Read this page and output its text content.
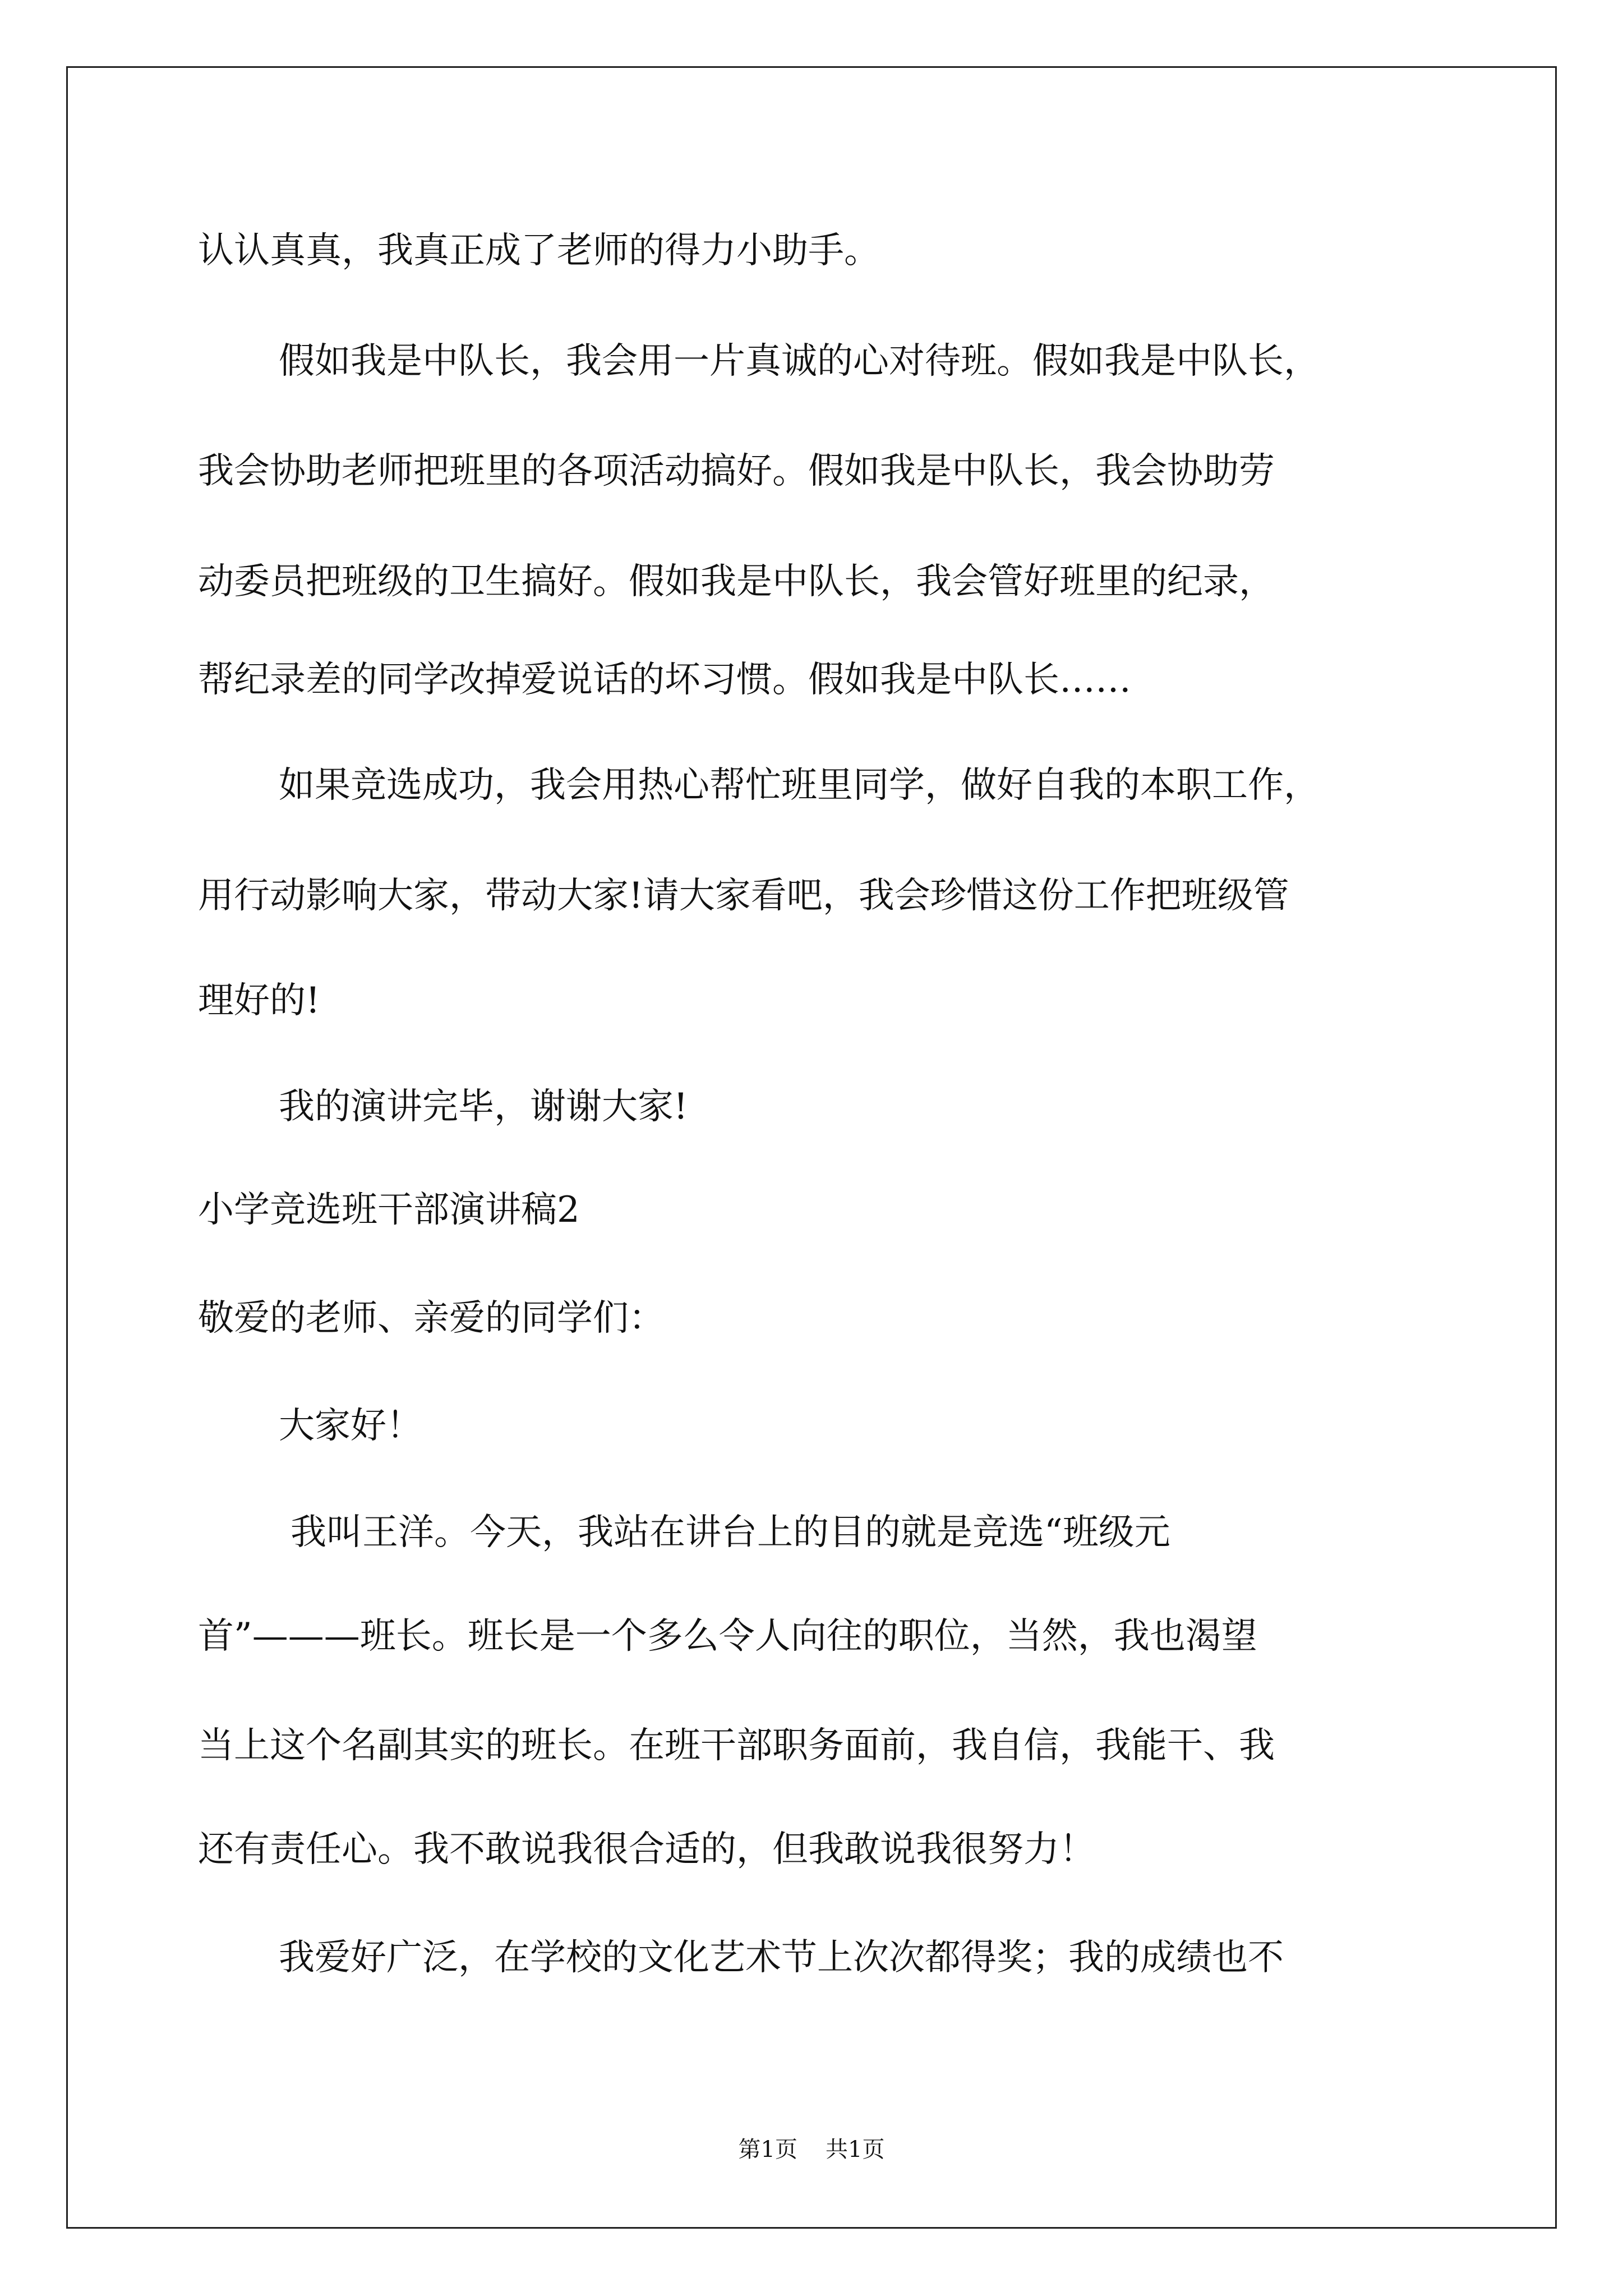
认认真真，我真正成了老师的得力小助手。
假如我是中队长，我会用一片真诚的心对待班。假如我是中队长，
我会协助老师把班里的各项活动搞好。假如我是中队长，我会协助劳
动委员把班级的卫生搞好。假如我是中队长，我会管好班里的纪录，
帮纪录差的同学改掉爱说话的坏习惯。假如我是中队长……
如果竞选成功，我会用热心帮忙班里同学，做好自我的本职工作，
用行动影响大家，带动大家!请大家看吧，我会珍惜这份工作把班级管
理好的!
我的演讲完毕，谢谢大家!
小学竞选班干部演讲稿2
敬爱的老师、亲爱的同学们：
大家好！
我叫王洋。今天，我站在讲台上的目的就是竞选“班级元
首”———班长。班长是一个多么令人向往的职位，当然，我也渴望
当上这个名副其实的班长。在班干部职务面前，我自信，我能干、我
还有责任心。我不敢说我很合适的，但我敢说我很努力！
我爱好广泛，在学校的文化艺术节上次次都得奖；我的成绩也不
第1页 共1页
